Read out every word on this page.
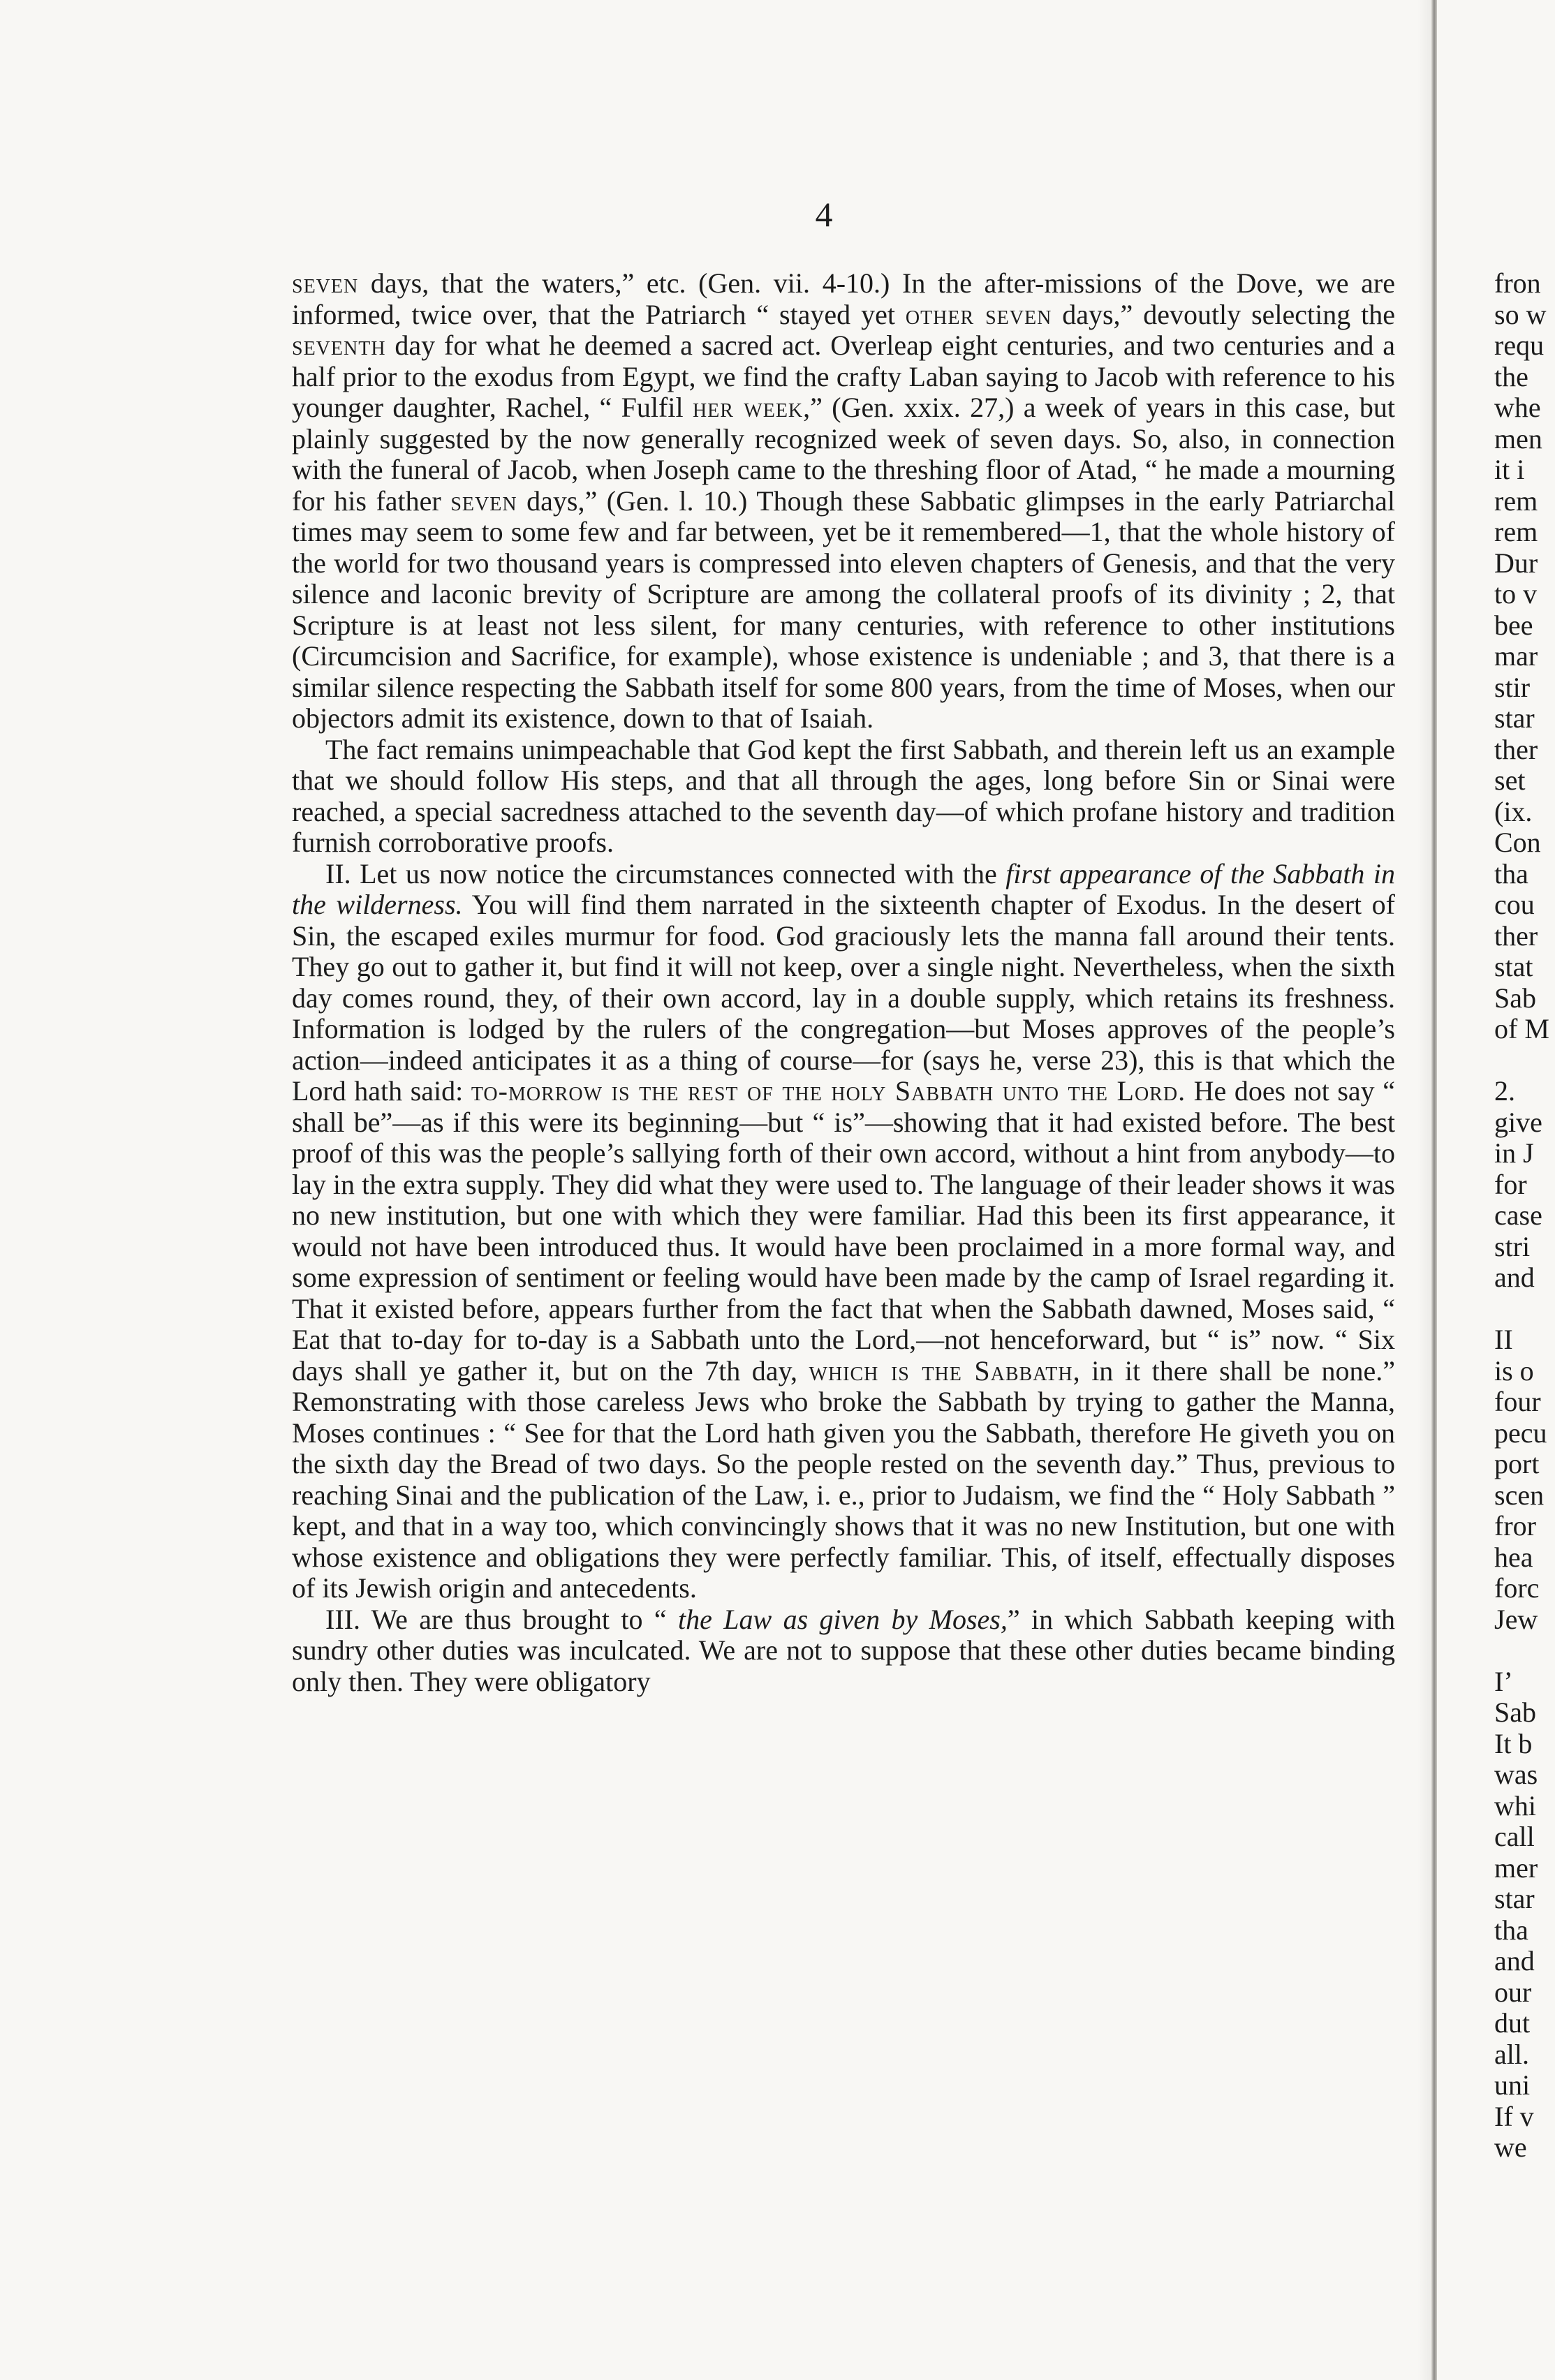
4

seven days, that the waters,” etc. (Gen. vii. 4-10.) In the after-missions of the Dove, we are informed, twice over, that the Patriarch “ stayed yet other seven days,” devoutly selecting the seventh day for what he deemed a sacred act. Overleap eight centuries, and two centuries and a half prior to the exodus from Egypt, we find the crafty Laban saying to Jacob with reference to his younger daughter, Rachel, “ Fulfil her week,” (Gen. xxix. 27,) a week of years in this case, but plainly suggested by the now generally recognized week of seven days. So, also, in connection with the funeral of Jacob, when Joseph came to the threshing floor of Atad, “ he made a mourning for his father seven days,” (Gen. l. 10.) Though these Sabbatic glimpses in the early Patriarchal times may seem to some few and far between, yet be it remembered—1, that the whole history of the world for two thousand years is compressed into eleven chapters of Genesis, and that the very silence and laconic brevity of Scripture are among the collateral proofs of its divinity ; 2, that Scripture is at least not less silent, for many centuries, with reference to other institutions (Circumcision and Sacrifice, for example), whose existence is undeniable ; and 3, that there is a similar silence respecting the Sabbath itself for some 800 years, from the time of Moses, when our objectors admit its existence, down to that of Isaiah.

The fact remains unimpeachable that God kept the first Sabbath, and therein left us an example that we should follow His steps, and that all through the ages, long before Sin or Sinai were reached, a special sacredness attached to the seventh day—of which profane history and tradition furnish corroborative proofs.

II. Let us now notice the circumstances connected with the first appearance of the Sabbath in the wilderness. You will find them narrated in the sixteenth chapter of Exodus. In the desert of Sin, the escaped exiles murmur for food. God graciously lets the manna fall around their tents. They go out to gather it, but find it will not keep, over a single night. Nevertheless, when the sixth day comes round, they, of their own accord, lay in a double supply, which retains its freshness. Information is lodged by the rulers of the congregation—but Moses approves of the people’s action—indeed anticipates it as a thing of course—for (says he, verse 23), this is that which the Lord hath said: to-morrow is the rest of the holy Sabbath unto the Lord. He does not say “ shall be”—as if this were its beginning—but “ is”—showing that it had existed before. The best proof of this was the people’s sallying forth of their own accord, without a hint from anybody—to lay in the extra supply. They did what they were used to. The language of their leader shows it was no new institution, but one with which they were familiar. Had this been its first appearance, it would not have been introduced thus. It would have been proclaimed in a more formal way, and some expression of sentiment or feeling would have been made by the camp of Israel regarding it. That it existed before, appears further from the fact that when the Sabbath dawned, Moses said, “ Eat that to-day for to-day is a Sabbath unto the Lord,—not henceforward, but “ is” now. “ Six days shall ye gather it, but on the 7th day, which is the Sabbath, in it there shall be none.” Remonstrating with those careless Jews who broke the Sabbath by trying to gather the Manna, Moses continues : “ See for that the Lord hath given you the Sabbath, therefore He giveth you on the sixth day the Bread of two days. So the people rested on the seventh day.” Thus, previous to reaching Sinai and the publication of the Law, i. e., prior to Judaism, we find the “ Holy Sabbath ” kept, and that in a way too, which convincingly shows that it was no new Institution, but one with whose existence and obligations they were perfectly familiar. This, of itself, effectually disposes of its Jewish origin and antecedents.

III. We are thus brought to “ the Law as given by Moses,” in which Sabbath keeping with sundry other duties was inculcated. We are not to suppose that these other duties became binding only then. They were obligatory

fron
so w
requ
the
whe
men
it i
rem
rem
Dur
to v
bee
mar
stir
star
ther
set
(ix.
Con
tha
cou
ther
stat
Sab
of M
2.
give
in J
for
case
stri
and
II
is o
four
pecu
port
scen
fror
hea
forc
Jew
I’
Sab
It b
was
whi
call
mer
star
tha
and
our
dut
all.
uni
If v
we
